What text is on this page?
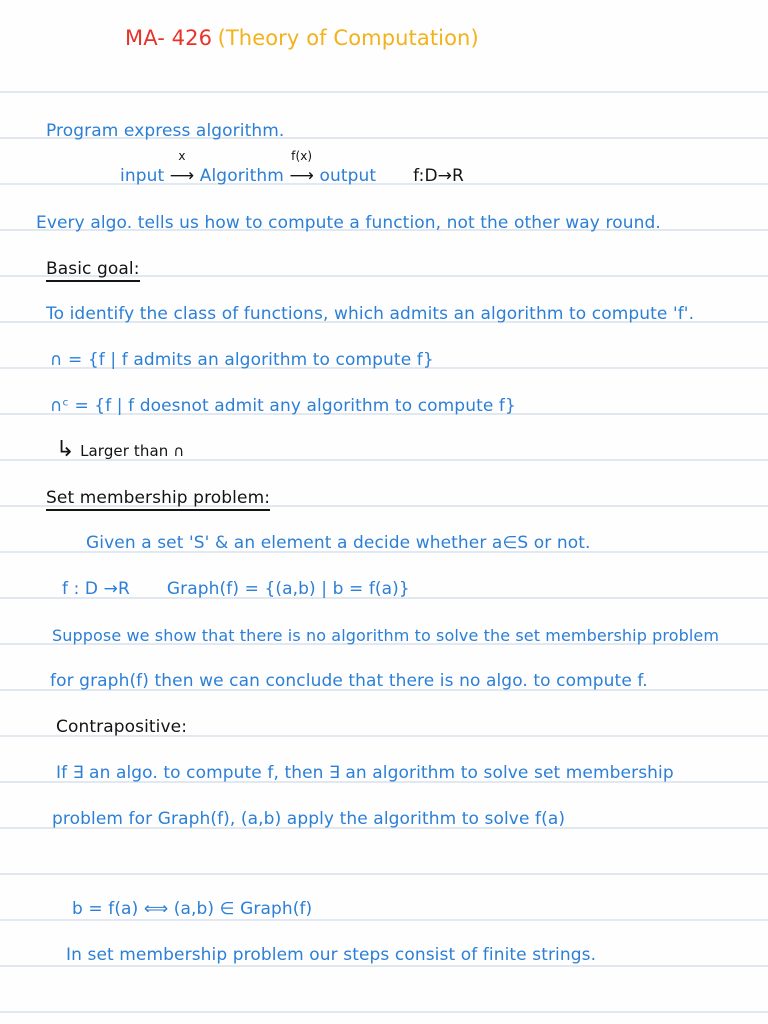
MA- 426 (Theory of Computation)
Program express algorithm.
input
x
⟶ Algorithm
f(x)
⟶ output f:D→R
Every algo. tells us how to compute a function, not the other way round.
Basic goal:
To identify the class of functions, which admits an algorithm to compute 'f'.
∩ = {f | f admits an algorithm to compute f}
∩ᶜ = {f | f doesnot admit any algorithm to compute f}
↳ Larger than ∩
Set membership problem:
Given a set 'S' & an element a decide whether a∈S or not.
f : D →R Graph(f) = {(a,b) | b = f(a)}
Suppose we show that there is no algorithm to solve the set membership problem
for graph(f) then we can conclude that there is no algo. to compute f.
Contrapositive:
If ∃ an algo. to compute f, then ∃ an algorithm to solve set membership
problem for Graph(f), (a,b) apply the algorithm to solve f(a)
b = f(a) ⟺ (a,b) ∈ Graph(f)
In set membership problem our steps consist of finite strings.
